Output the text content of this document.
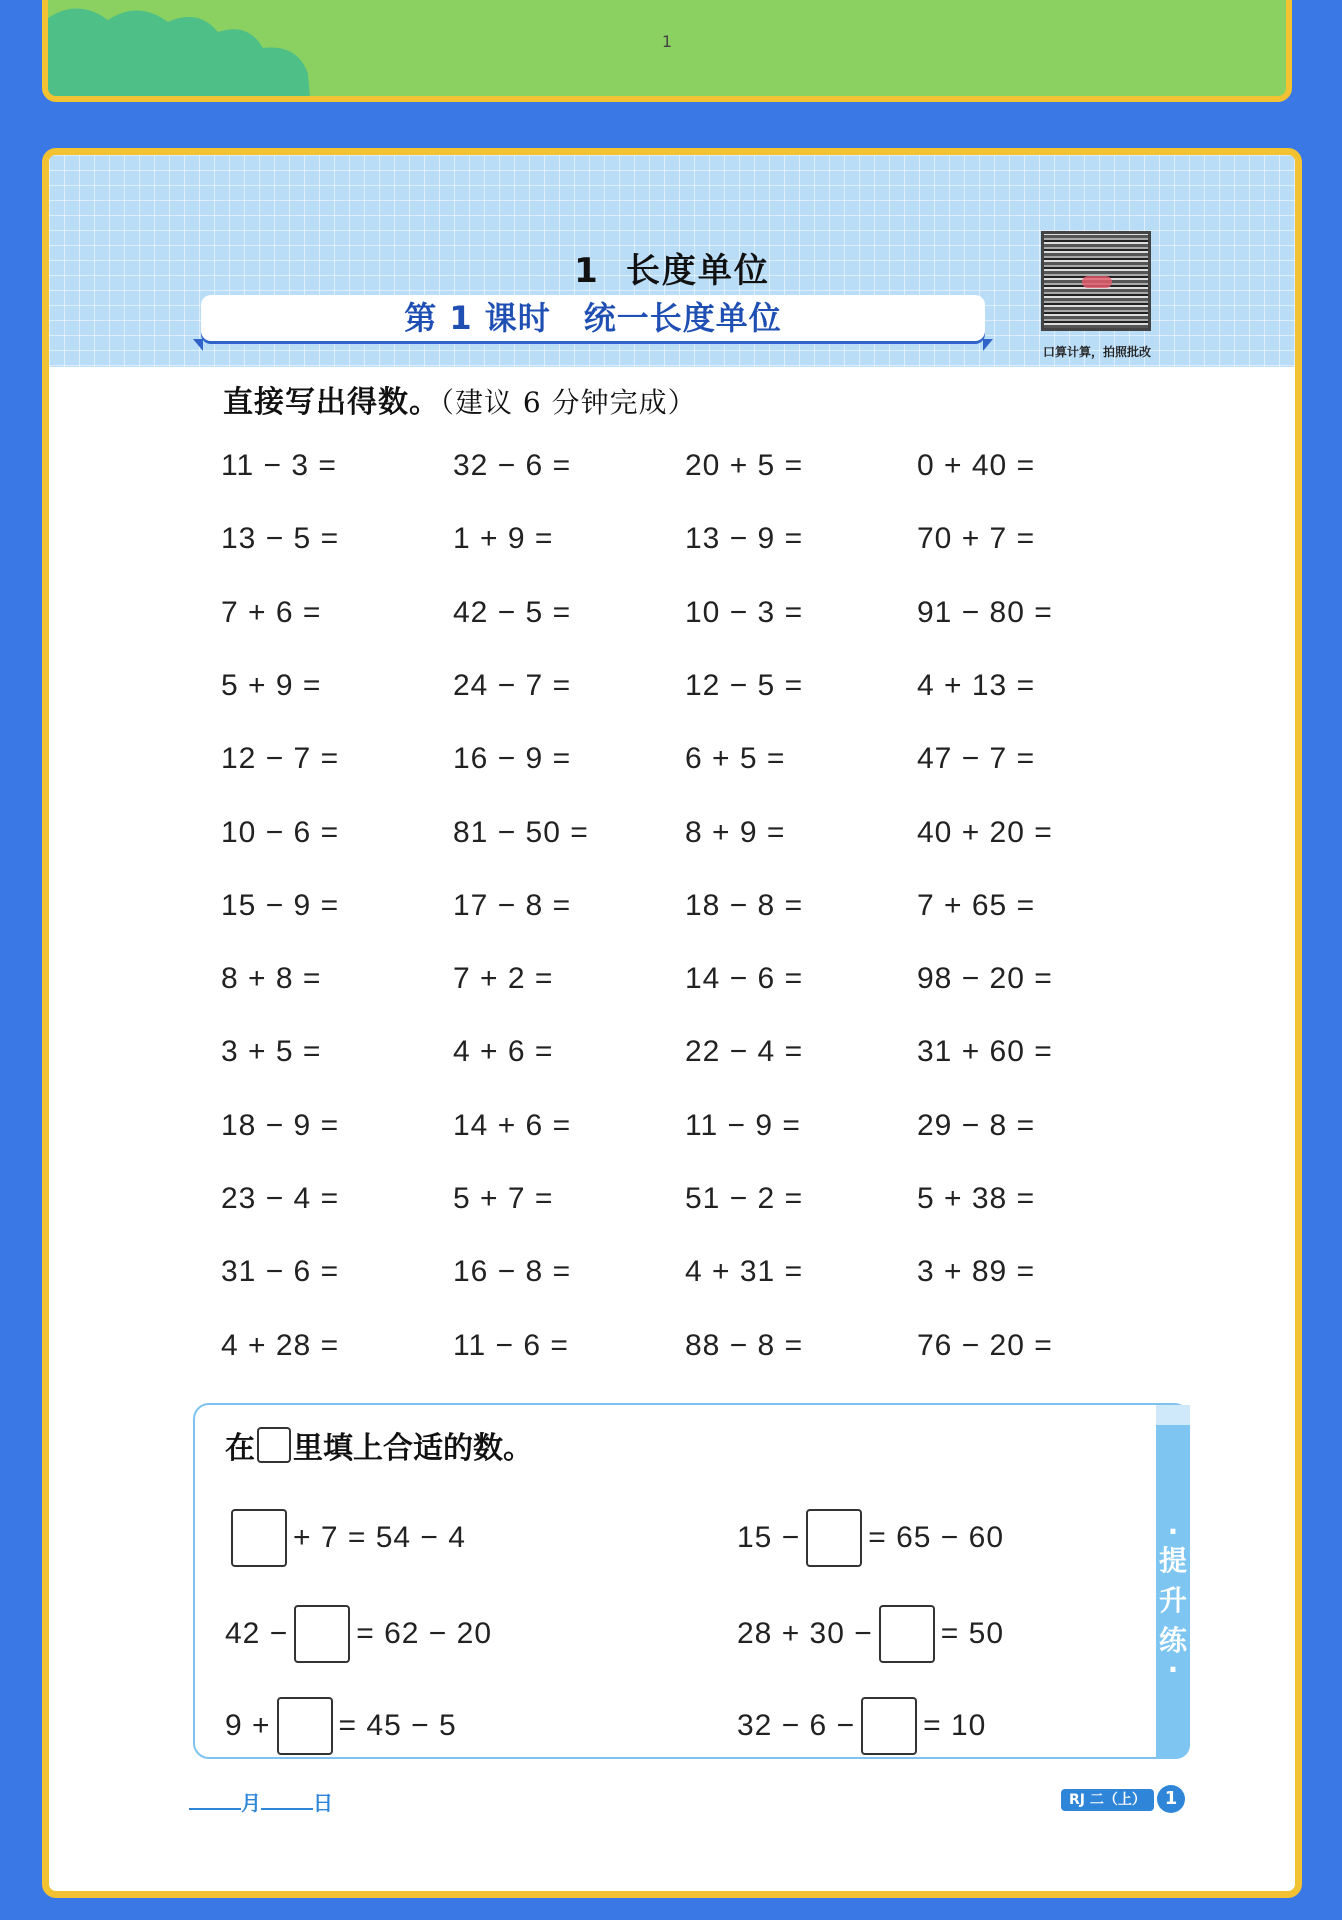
1
1 长度单位
第 1 课时　统一长度单位
口算计算，拍照批改
直接写出得数。（建议 6 分钟完成）
11 − 3 =	32 − 6 =	20 + 5 =	0 + 40 =
13 − 5 =	1 + 9 =	13 − 9 =	70 + 7 =
7 + 6 =	42 − 5 =	10 − 3 =	91 − 80 =
5 + 9 =	24 − 7 =	12 − 5 =	4 + 13 =
12 − 7 =	16 − 9 =	6 + 5 =	47 − 7 =
10 − 6 =	81 − 50 =	8 + 9 =	40 + 20 =
15 − 9 =	17 − 8 =	18 − 8 =	7 + 65 =
8 + 8 =	7 + 2 =	14 − 6 =	98 − 20 =
3 + 5 =	4 + 6 =	22 − 4 =	31 + 60 =
18 − 9 =	14 + 6 =	11 − 9 =	29 − 8 =
23 − 4 =	5 + 7 =	51 − 2 =	5 + 38 =
31 − 6 =	16 − 8 =	4 + 31 =	3 + 89 =
4 + 28 =	11 − 6 =	88 − 8 =	76 − 20 =
在 里填上合适的数。
+ 7 = 54 − 4	15 − = 65 − 60
42 − = 62 − 20	28 + 30 − = 50
9 + = 45 − 5	32 − 6 − = 10
·
提
升
练
·
月	日	RJ 二（上）	1
